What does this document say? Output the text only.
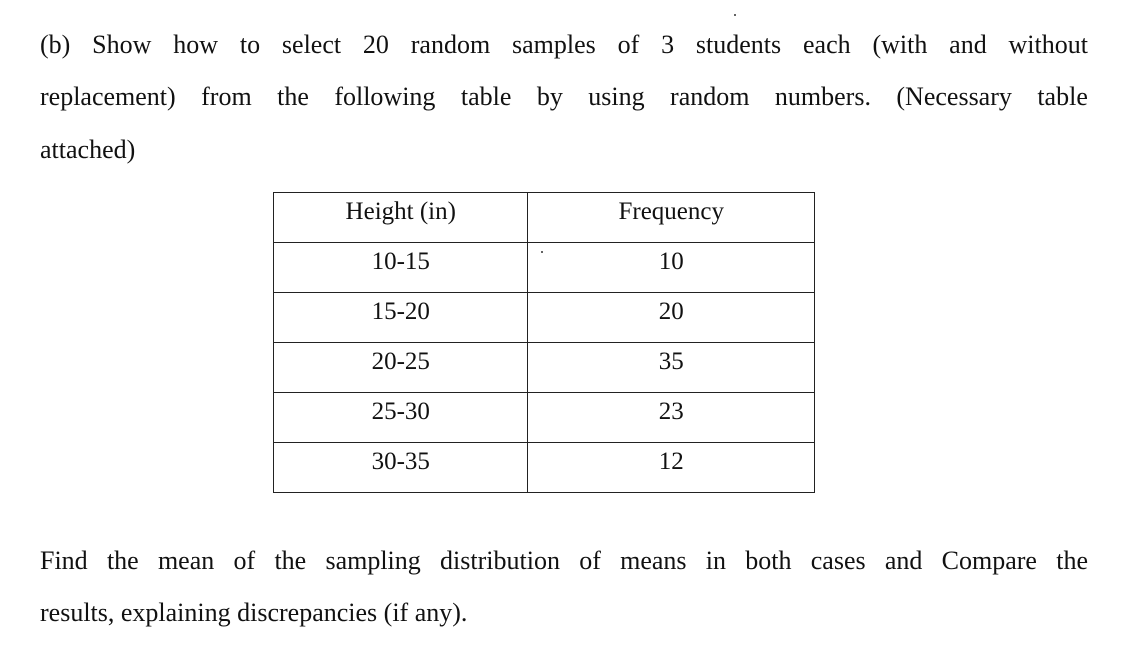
(b) Show how to select 20 random samples of 3 students each (with and without
replacement) from the following table by using random numbers. (Necessary table
attached)
Height (in)	Frequency
10-15	10
15-20	20
20-25	35
25-30	23
30-35	12
Find the mean of the sampling distribution of means in both cases and Compare the
results, explaining discrepancies (if any).
